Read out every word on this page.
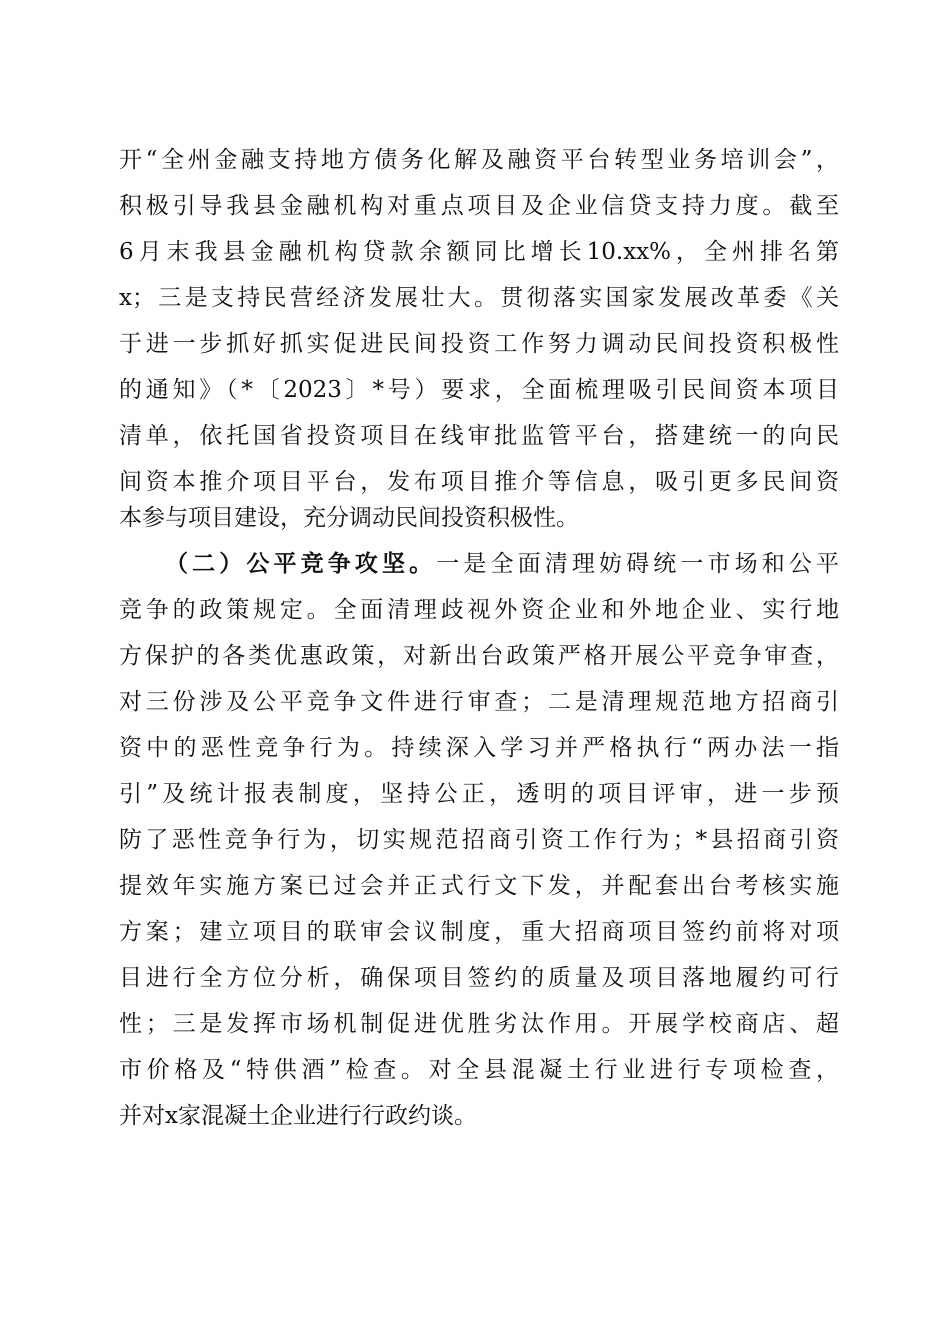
开“全州金融支持地方债务化解及融资平台转型业务培训会”，
积极引导我县金融机构对重点项目及企业信贷支持力度。截至
6月末我县金融机构贷款余额同比增长10.xx%，全州排名第
x；三是支持民营经济发展壮大。贯彻落实国家发展改革委《关
于进一步抓好抓实促进民间投资工作努力调动民间投资积极性
的通知》（*〔2023〕*号）要求，全面梳理吸引民间资本项目
清单，依托国省投资项目在线审批监管平台，搭建统一的向民
间资本推介项目平台，发布项目推介等信息，吸引更多民间资
本参与项目建设，充分调动民间投资积极性。
（二）公平竞争攻坚。一是全面清理妨碍统一市场和公平
竞争的政策规定。全面清理歧视外资企业和外地企业、实行地
方保护的各类优惠政策，对新出台政策严格开展公平竞争审查，
对三份涉及公平竞争文件进行审查；二是清理规范地方招商引
资中的恶性竞争行为。持续深入学习并严格执行“两办法一指
引”及统计报表制度，坚持公正，透明的项目评审，进一步预
防了恶性竞争行为，切实规范招商引资工作行为；*县招商引资
提效年实施方案已过会并正式行文下发，并配套出台考核实施
方案；建立项目的联审会议制度，重大招商项目签约前将对项
目进行全方位分析，确保项目签约的质量及项目落地履约可行
性；三是发挥市场机制促进优胜劣汰作用。开展学校商店、超
市价格及“特供酒”检查。对全县混凝土行业进行专项检查，
并对x家混凝土企业进行行政约谈。
